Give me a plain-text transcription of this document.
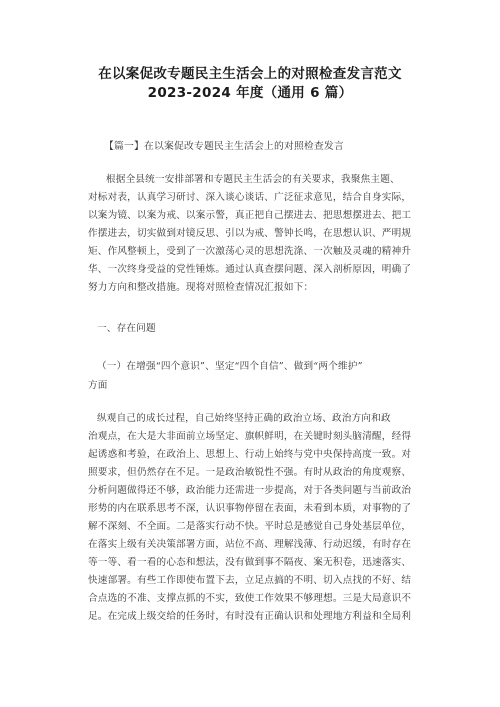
在以案促改专题民主生活会上的对照检查发言范文
2023-2024 年度（通用 6 篇）
【篇一】在以案促改专题民主生活会上的对照检查发言
根据全县统一安排部署和专题民主生活会的有关要求，我聚焦主题、
对标对表，认真学习研讨、深入谈心谈话、广泛征求意见，结合自身实际，
以案为镜、以案为戒、以案示警，真正把自己摆进去、把思想摆进去、把工
作摆进去，切实做到对镜反思、引以为戒、警钟长鸣，在思想认识、严明规
矩、作风整顿上，受到了一次激荡心灵的思想洗涤、一次触及灵魂的精神升
华、一次终身受益的党性锤炼。通过认真查摆问题、深入剖析原因，明确了
努力方向和整改措施。现将对照检查情况汇报如下：
一、存在问题
（一）在增强“四个意识”、坚定“四个自信”、做到“两个维护”
方面
纵观自己的成长过程，自己始终坚持正确的政治立场、政治方向和政
治观点，在大是大非面前立场坚定、旗帜鲜明，在关键时刻头脑清醒，经得
起诱惑和考验，在政治上、思想上、行动上始终与党中央保持高度一致。对
照要求，但仍然存在不足。一是政治敏锐性不强。有时从政治的角度观察、
分析问题做得还不够，政治能力还需进一步提高，对于各类问题与当前政治
形势的内在联系思考不深，认识事物停留在表面，未看到本质，对事物的了
解不深刻、不全面。二是落实行动不快。平时总是感觉自己身处基层单位，
在落实上级有关决策部署方面，站位不高、理解浅薄、行动迟缓，有时存在
等一等、看一看的心态和想法，没有做到事不隔夜、案无积卷，迅速落实、
快速部署。有些工作即使布置下去，立足点搞的不明、切入点找的不好、结
合点选的不准、支撑点抓的不实，致使工作效果不够理想。三是大局意识不
足。在完成上级交给的任务时，有时没有正确认识和处理地方利益和全局利
